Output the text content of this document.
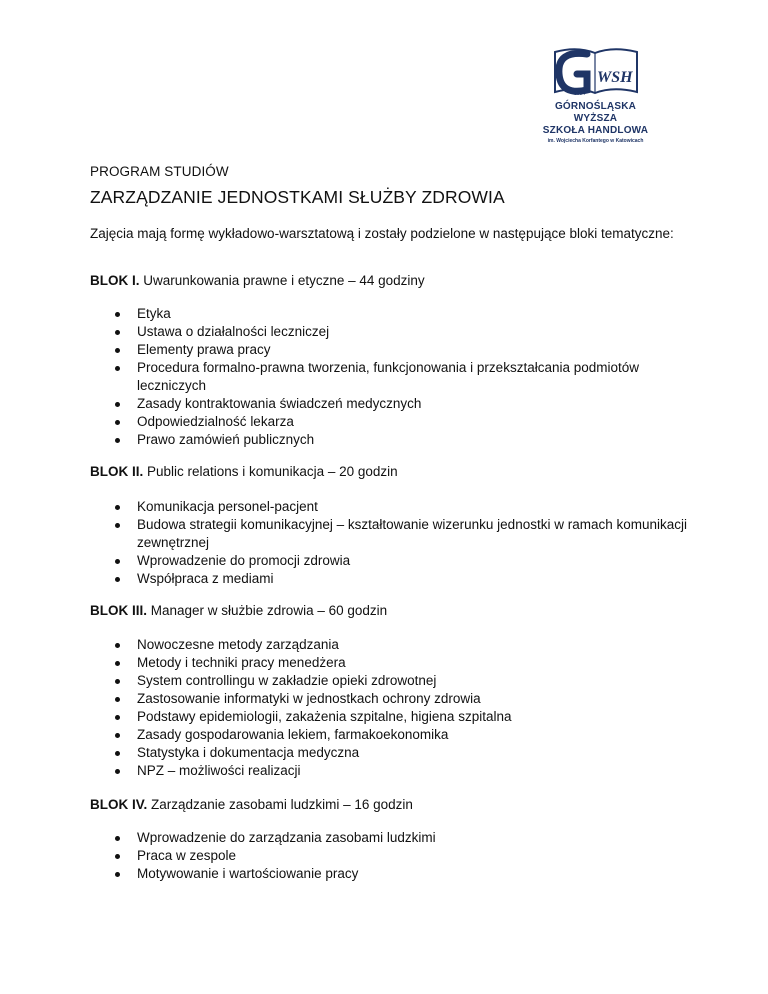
WSH
1994
GÓRNOŚLĄSKA WYŻSZA
SZKOŁA HANDLOWA
im. Wojciecha Korfantego w Katowicach
PROGRAM STUDIÓW
ZARZĄDZANIE JEDNOSTKAMI SŁUŻBY ZDROWIA
Zajęcia mają formę wykładowo-warsztatową i zostały podzielone w następujące bloki tematyczne:
BLOK I. Uwarunkowania prawne i etyczne – 44 godziny
Etyka
Ustawa o działalności leczniczej
Elementy prawa pracy
Procedura formalno-prawna tworzenia, funkcjonowania i przekształcania podmiotów leczniczych
Zasady kontraktowania świadczeń medycznych
Odpowiedzialność lekarza
Prawo zamówień publicznych
BLOK II. Public relations i komunikacja – 20 godzin
Komunikacja personel-pacjent
Budowa strategii komunikacyjnej – kształtowanie wizerunku jednostki w ramach komunikacji zewnętrznej
Wprowadzenie do promocji zdrowia
Współpraca z mediami
BLOK III. Manager w służbie zdrowia – 60 godzin
Nowoczesne metody zarządzania
Metody i techniki pracy menedżera
System controllingu w zakładzie opieki zdrowotnej
Zastosowanie informatyki w jednostkach ochrony zdrowia
Podstawy epidemiologii, zakażenia szpitalne, higiena szpitalna
Zasady gospodarowania lekiem, farmakoekonomika
Statystyka i dokumentacja medyczna
NPZ – możliwości realizacji
BLOK IV. Zarządzanie zasobami ludzkimi – 16 godzin
Wprowadzenie do zarządzania zasobami ludzkimi
Praca w zespole
Motywowanie i wartościowanie pracy
